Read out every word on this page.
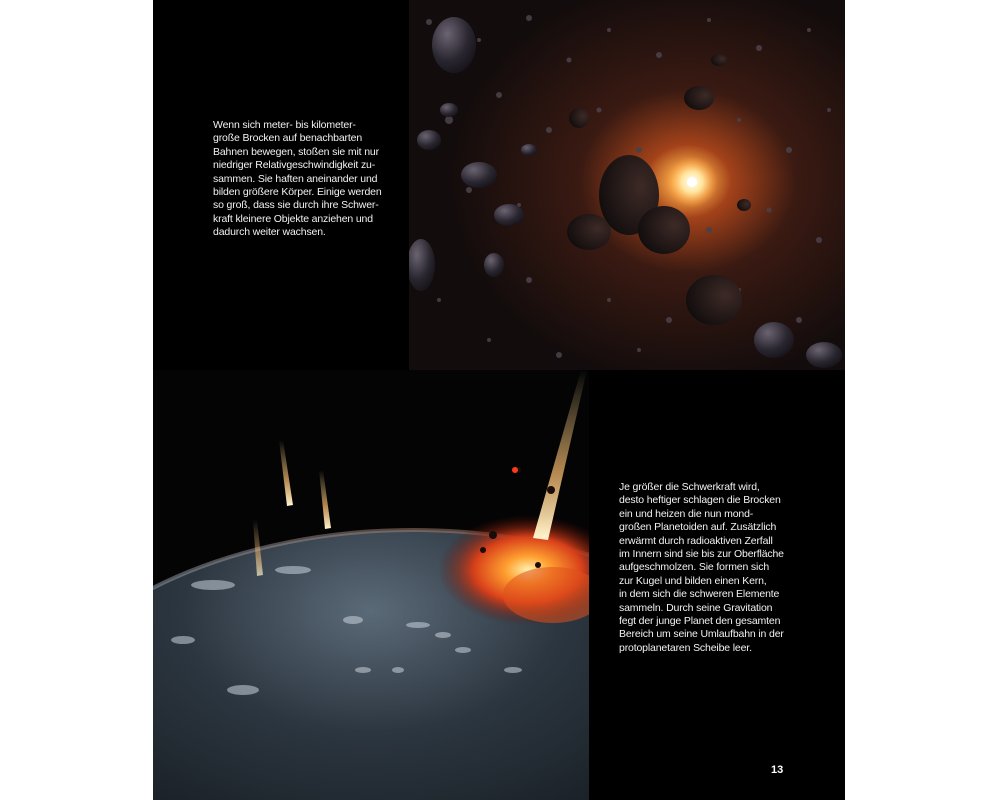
Wenn sich meter- bis kilometer-
große Brocken auf benachbarten
Bahnen bewegen, stoßen sie mit nur
niedriger Relativgeschwindigkeit zu-
sammen. Sie haften aneinander und
bilden größere Körper. Einige werden
so groß, dass sie durch ihre Schwer-
kraft kleinere Objekte anziehen und
dadurch weiter wachsen.
Je größer die Schwerkraft wird,
desto heftiger schlagen die Brocken
ein und heizen die nun mond-
großen Planetoiden auf. Zusätzlich
erwärmt durch radioaktiven Zerfall
im Innern sind sie bis zur Oberfläche
aufgeschmolzen. Sie formen sich
zur Kugel und bilden einen Kern,
in dem sich die schweren Elemente
sammeln. Durch seine Gravitation
fegt der junge Planet den gesamten
Bereich um seine Umlaufbahn in der
protoplanetaren Scheibe leer.
13
